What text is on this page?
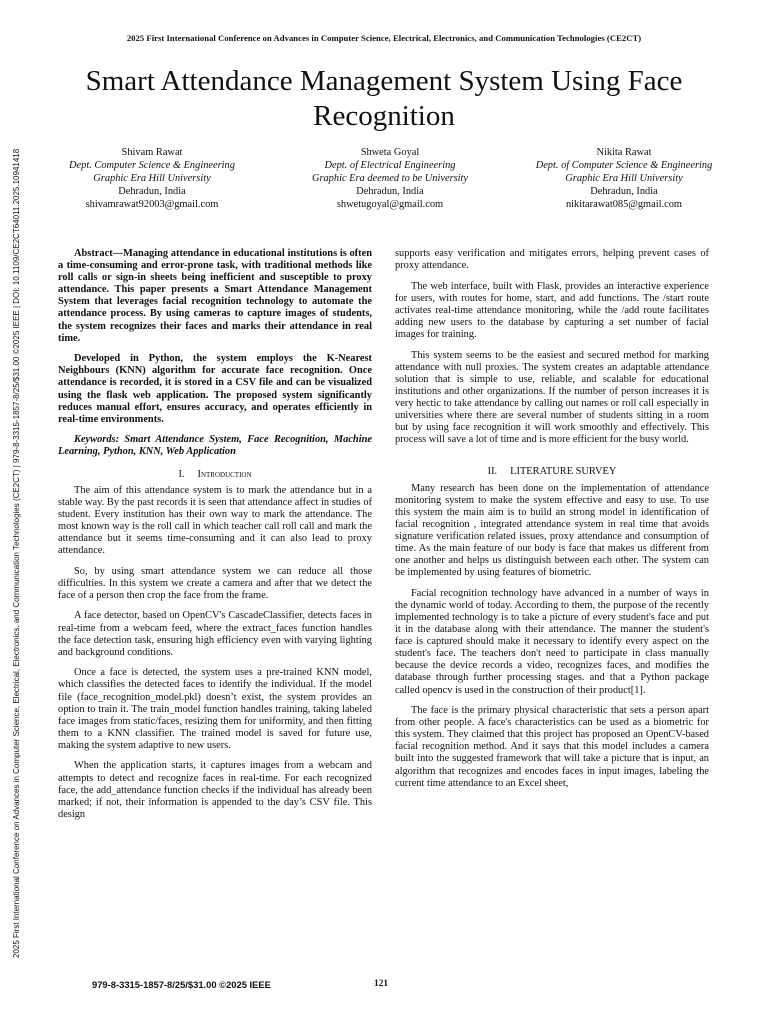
2025 First International Conference on Advances in Computer Science, Electrical, Electronics, and Communication Technologies (CE2CT)
2025 First International Conference on Advances in Computer Science, Electrical, Electronics, and Communication Technologies (CE2CT) | 979-8-3315-1857-8/25/$31.00 ©2025 IEEE | DOI: 10.1109/CE2CT64011.2025.10941418
Smart Attendance Management System Using Face Recognition
Shivam Rawat
Dept. Computer Science & Engineering
Graphic Era Hill University
Dehradun, India
shivamrawat92003@gmail.com
Shweta Goyal
Dept. of Electrical Engineering
Graphic Era deemed to be University
Dehradun, India
shwetugoyal@gmail.com
Nikita Rawat
Dept. of Computer Science & Engineering
Graphic Era Hill University
Dehradun, India
nikitarawat085@gmail.com

Abstract—Managing attendance in educational institutions is often a time-consuming and error-prone task, with traditional methods like roll calls or sign-in sheets being inefficient and susceptible to proxy attendance. This paper presents a Smart Attendance Management System that leverages facial recognition technology to automate the attendance process. By using cameras to capture images of students, the system recognizes their faces and marks their attendance in real time.

Developed in Python, the system employs the K-Nearest Neighbours (KNN) algorithm for accurate face recognition. Once attendance is recorded, it is stored in a CSV file and can be visualized using the flask web application. The proposed system significantly reduces manual effort, ensures accuracy, and operates efficiently in real-time environments.

Keywords: Smart Attendance System, Face Recognition, Machine Learning, Python, KNN, Web Application

I. Introduction

The aim of this attendance system is to mark the attendance but in a stable way. By the past records it is seen that attendance affect in studies of student. Every institution has their own way to mark the attendance. The most known way is the roll call in which teacher call roll call and mark the attendance but it seems time-consuming and it can also lead to proxy attendance.

So, by using smart attendance system we can reduce all those difficulties. In this system we create a camera and after that we detect the face of a person then crop the face from the frame.

A face detector, based on OpenCV's CascadeClassifier, detects faces in real-time from a webcam feed, where the extract_faces function handles the face detection task, ensuring high efficiency even with varying lighting and background conditions.

Once a face is detected, the system uses a pre-trained KNN model, which classifies the detected faces to identify the individual. If the model file (face_recognition_model.pkl) doesn’t exist, the system provides an option to train it. The train_model function handles training, taking labeled face images from static/faces, resizing them for uniformity, and then fitting them to a KNN classifier. The trained model is saved for future use, making the system adaptive to new users.

When the application starts, it captures images from a webcam and attempts to detect and recognize faces in real-time. For each recognized face, the add_attendance function checks if the individual has already been marked; if not, their information is appended to the day’s CSV file. This design

supports easy verification and mitigates errors, helping prevent cases of proxy attendance.

The web interface, built with Flask, provides an interactive experience for users, with routes for home, start, and add functions. The /start route activates real-time attendance monitoring, while the /add route facilitates adding new users to the database by capturing a set number of facial images for training.

This system seems to be the easiest and secured method for marking attendance with null proxies. The system creates an adaptable attendance solution that is simple to use, reliable, and scalable for educational institutions and other organizations. If the number of person increases it is very hectic to take attendance by calling out names or roll call especially in universities where there are several number of students sitting in a room but by using face recognition it will work smoothly and effectively. This process will save a lot of time and is more efficient for the busy world.

II. LITERATURE SURVEY

Many research has been done on the implementation of attendance monitoring system to make the system effective and easy to use. To use this system the main aim is to build an strong model in identification of facial recognition , integrated attendance system in real time that avoids signature verification related issues, proxy attendance and consumption of time. As the main feature of our body is face that makes us different from one another and helps us distinguish between each other. The system can be implemented by using features of biometric.

Facial recognition technology have advanced in a number of ways in the dynamic world of today. According to them, the purpose of the recently implemented technology is to take a picture of every student's face and put it in the database along with their attendance. The manner the student's face is captured should make it necessary to identify every aspect on the student's face. The teachers don't need to participate in class manually because the device records a video, recognizes faces, and modifies the database through further processing stages. and that a Python package called opencv is used in the construction of their product[1].

The face is the primary physical characteristic that sets a person apart from other people. A face's characteristics can be used as a biometric for this system. They claimed that this project has proposed an OpenCV-based facial recognition method. And it says that this model includes a camera built into the suggested framework that will take a picture that is input, an algorithm that recognizes and encodes faces in input images, labeling the current time attendance to an Excel sheet,

979-8-3315-1857-8/25/$31.00 ©2025 IEEE	121
